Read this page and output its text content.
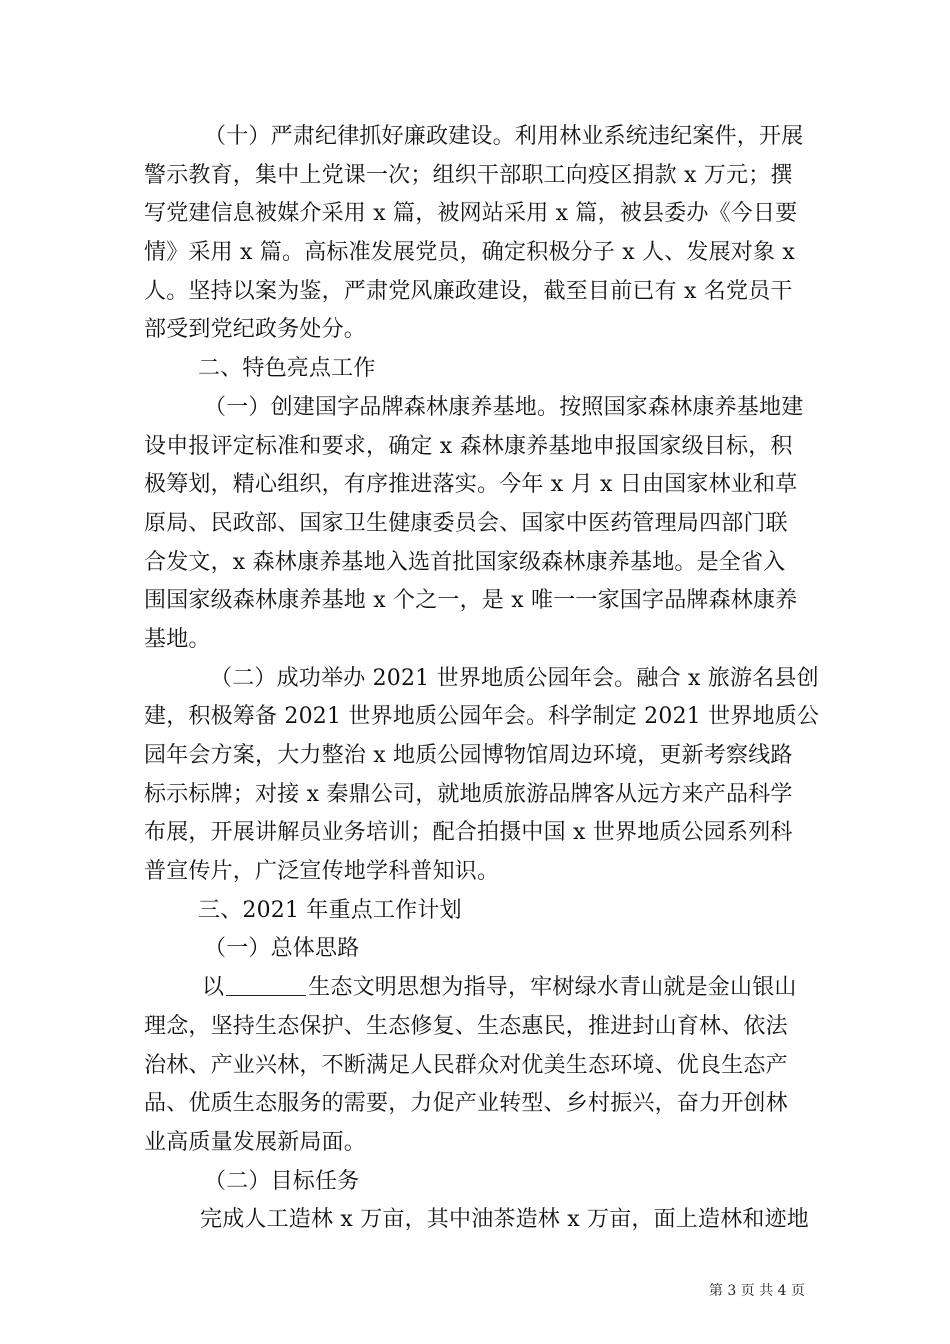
（十）严肃纪律抓好廉政建设。利用林业系统违纪案件，开展
警示教育，集中上党课一次；组织干部职工向疫区捐款 x 万元；撰
写党建信息被媒介采用 x 篇，被网站采用 x 篇，被县委办《今日要
情》采用 x 篇。高标准发展党员，确定积极分子 x 人、发展对象 x
人。坚持以案为鉴，严肃党风廉政建设，截至目前已有 x 名党员干
部受到党纪政务处分。
二、特色亮点工作
（一）创建国字品牌森林康养基地。按照国家森林康养基地建
设申报评定标准和要求，确定 x 森林康养基地申报国家级目标，积
极筹划，精心组织，有序推进落实。今年 x 月 x 日由国家林业和草
原局、民政部、国家卫生健康委员会、国家中医药管理局四部门联
合发文，x 森林康养基地入选首批国家级森林康养基地。是全省入
围国家级森林康养基地 x 个之一，是 x 唯一一家国字品牌森林康养
基地。
（二）成功举办 2021 世界地质公园年会。融合 x 旅游名县创
建，积极筹备 2021 世界地质公园年会。科学制定 2021 世界地质公
园年会方案，大力整治 x 地质公园博物馆周边环境，更新考察线路
标示标牌；对接 x 秦鼎公司，就地质旅游品牌客从远方来产品科学
布展，开展讲解员业务培训；配合拍摄中国 x 世界地质公园系列科
普宣传片，广泛宣传地学科普知识。
三、2021 年重点工作计划
（一）总体思路
以	生态文明思想为指导，牢树绿水青山就是金山银山
理念，坚持生态保护、生态修复、生态惠民，推进封山育林、依法
治林、产业兴林，不断满足人民群众对优美生态环境、优良生态产
品、优质生态服务的需要，力促产业转型、乡村振兴，奋力开创林
业高质量发展新局面。
（二）目标任务
完成人工造林 x 万亩，其中油茶造林 x 万亩，面上造林和迹地
第 3 页 共 4 页
